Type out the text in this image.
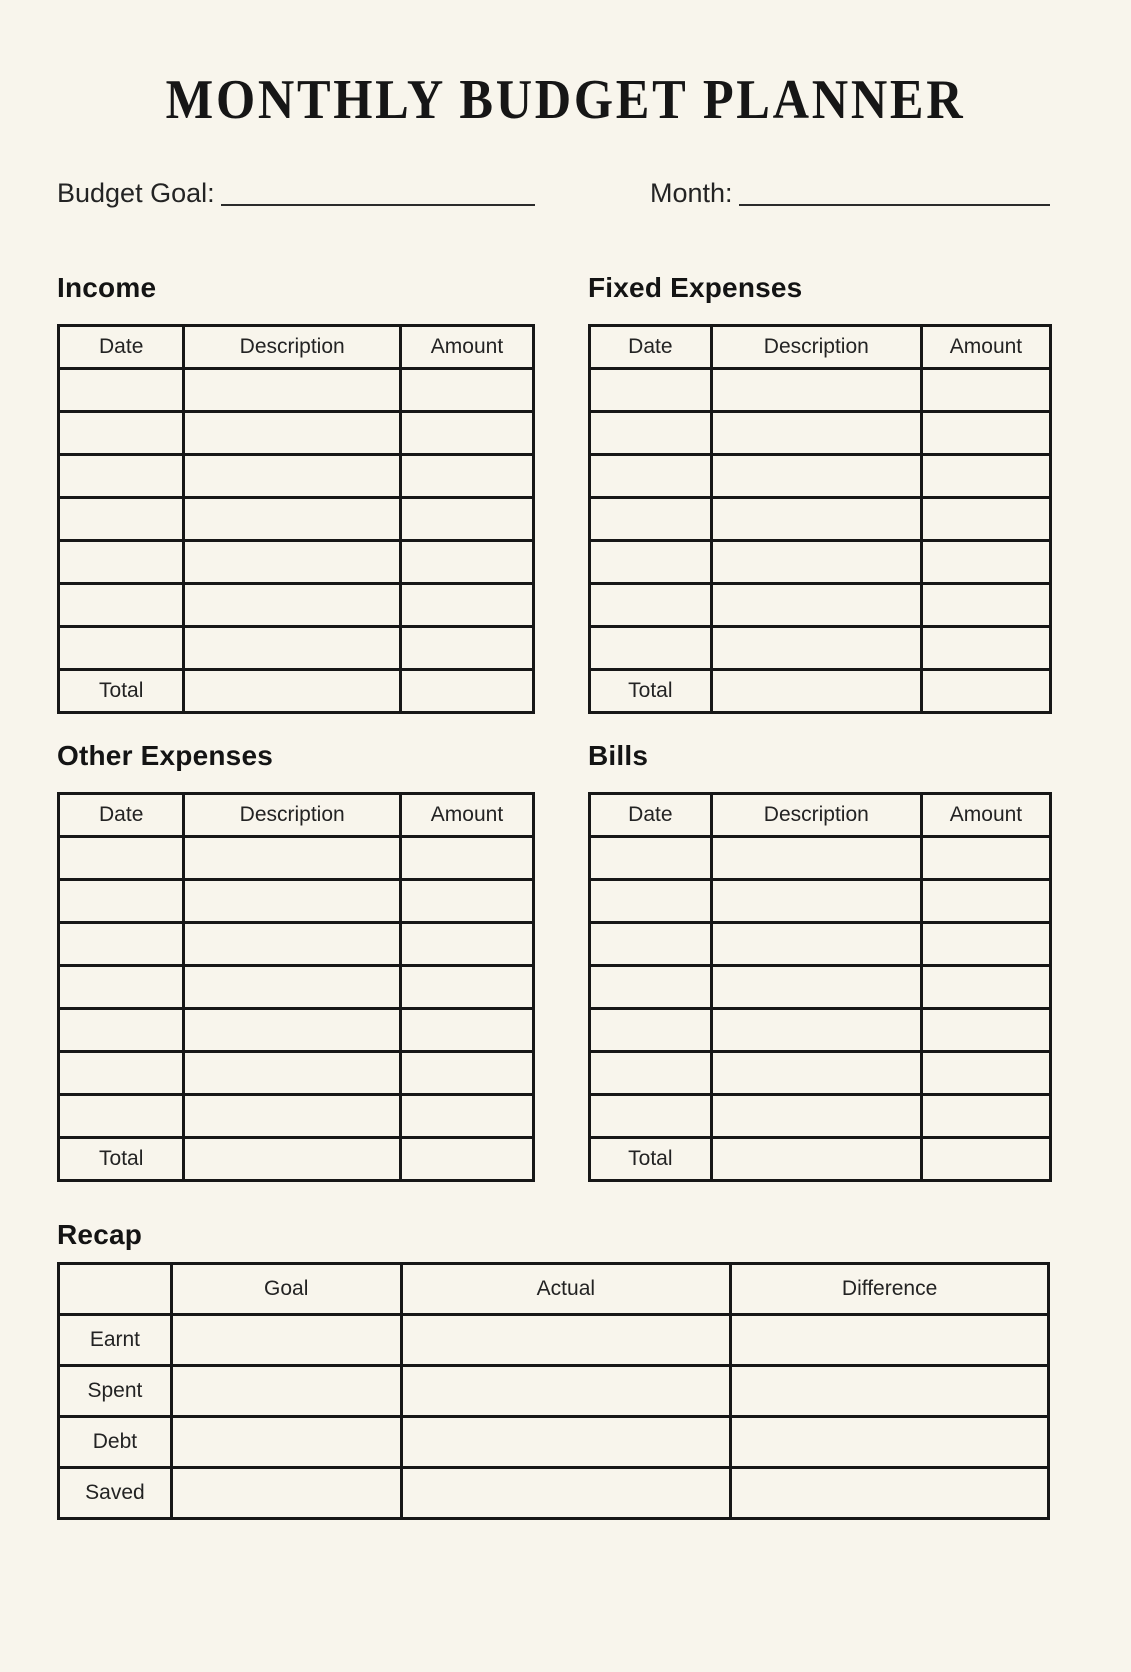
MONTHLY BUDGET PLANNER
Budget Goal:	Month:
Income
Date	Description	Amount

Total		
Fixed Expenses
Date	Description	Amount

Total		
Other Expenses
Date	Description	Amount

Total		
Bills
Date	Description	Amount

Total		
Recap
	Goal	Actual	Difference
Earnt			
Spent			
Debt			
Saved			
